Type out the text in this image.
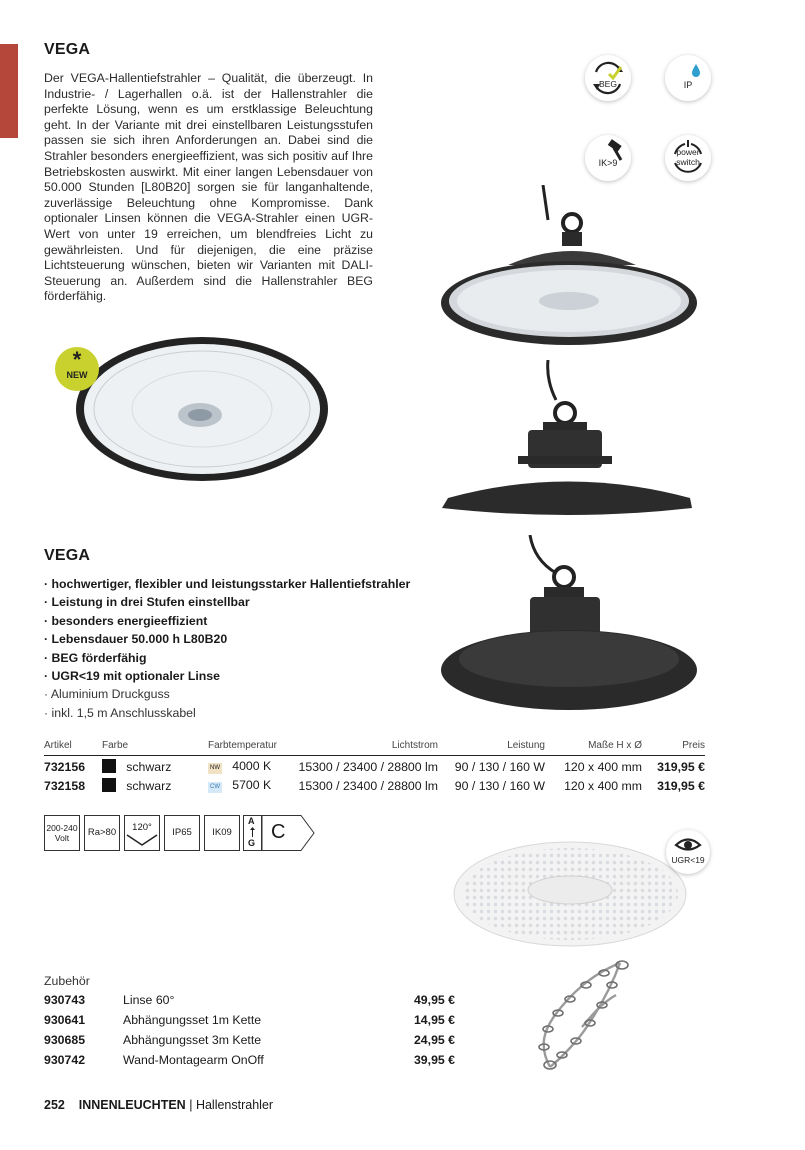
VEGA

Der VEGA-Hallentiefstrahler – Qualität, die überzeugt. In Industrie- / Lagerhallen o.ä. ist der Hallenstrahler die perfekte Lösung, wenn es um erstklassige Beleuchtung geht. In der Variante mit drei einstellbaren Leistungsstufen passen sie sich ihren Anforderungen an. Dabei sind die Strahler besonders energieeffizient, was sich positiv auf Ihre Betriebskosten auswirkt. Mit einer langen Lebensdauer von 50.000 Stunden [L80B20] sorgen sie für langanhaltende, zuverlässige Beleuchtung ohne Kompromisse. Dank optionaler Linsen können die VEGA-Strahler einen UGR-Wert von unter 19 erreichen, um blendfreies Licht zu gewährleisten. Und für diejenigen, die eine präzise Lichtsteuerung wünschen, bieten wir Varianten mit DALI-Steuerung an. Außerdem sind die Hallenstrahler BEG förderfähig.

BEG	IP
IK>9
power
switch
*
NEW
VEGA
· hochwertiger, flexibler und leistungsstarker Hallentiefstrahler
· Leistung in drei Stufen einstellbar
· besonders energieeffizient
· Lebensdauer 50.000 h L80B20
· BEG förderfähig
· UGR<19 mit optionaler Linse
· Aluminium Druckguss
· inkl. 1,5 m Anschlusskabel
Artikel	Farbe	Farbtemperatur	Lichtstrom	Leistung	Maße H x Ø	Preis
732156	schwarz	NW 4000 K	15300 / 23400 / 28800 lm	90 / 130 / 160 W	120 x 400 mm	319,95 €
732158	schwarz	CW 5700 K	15300 / 23400 / 28800 lm	90 / 130 / 160 W	120 x 400 mm	319,95 €
200-240
Volt	Ra>80	120°	IP65	IK09
A
G C
UGR<19
Zubehör
930743	Linse 60°	49,95 €
930641	Abhängungsset 1m Kette	14,95 €
930685	Abhängungsset 3m Kette	24,95 €
930742	Wand-Montagearm OnOff	39,95 €
252 INNENLEUCHTEN | Hallenstrahler
